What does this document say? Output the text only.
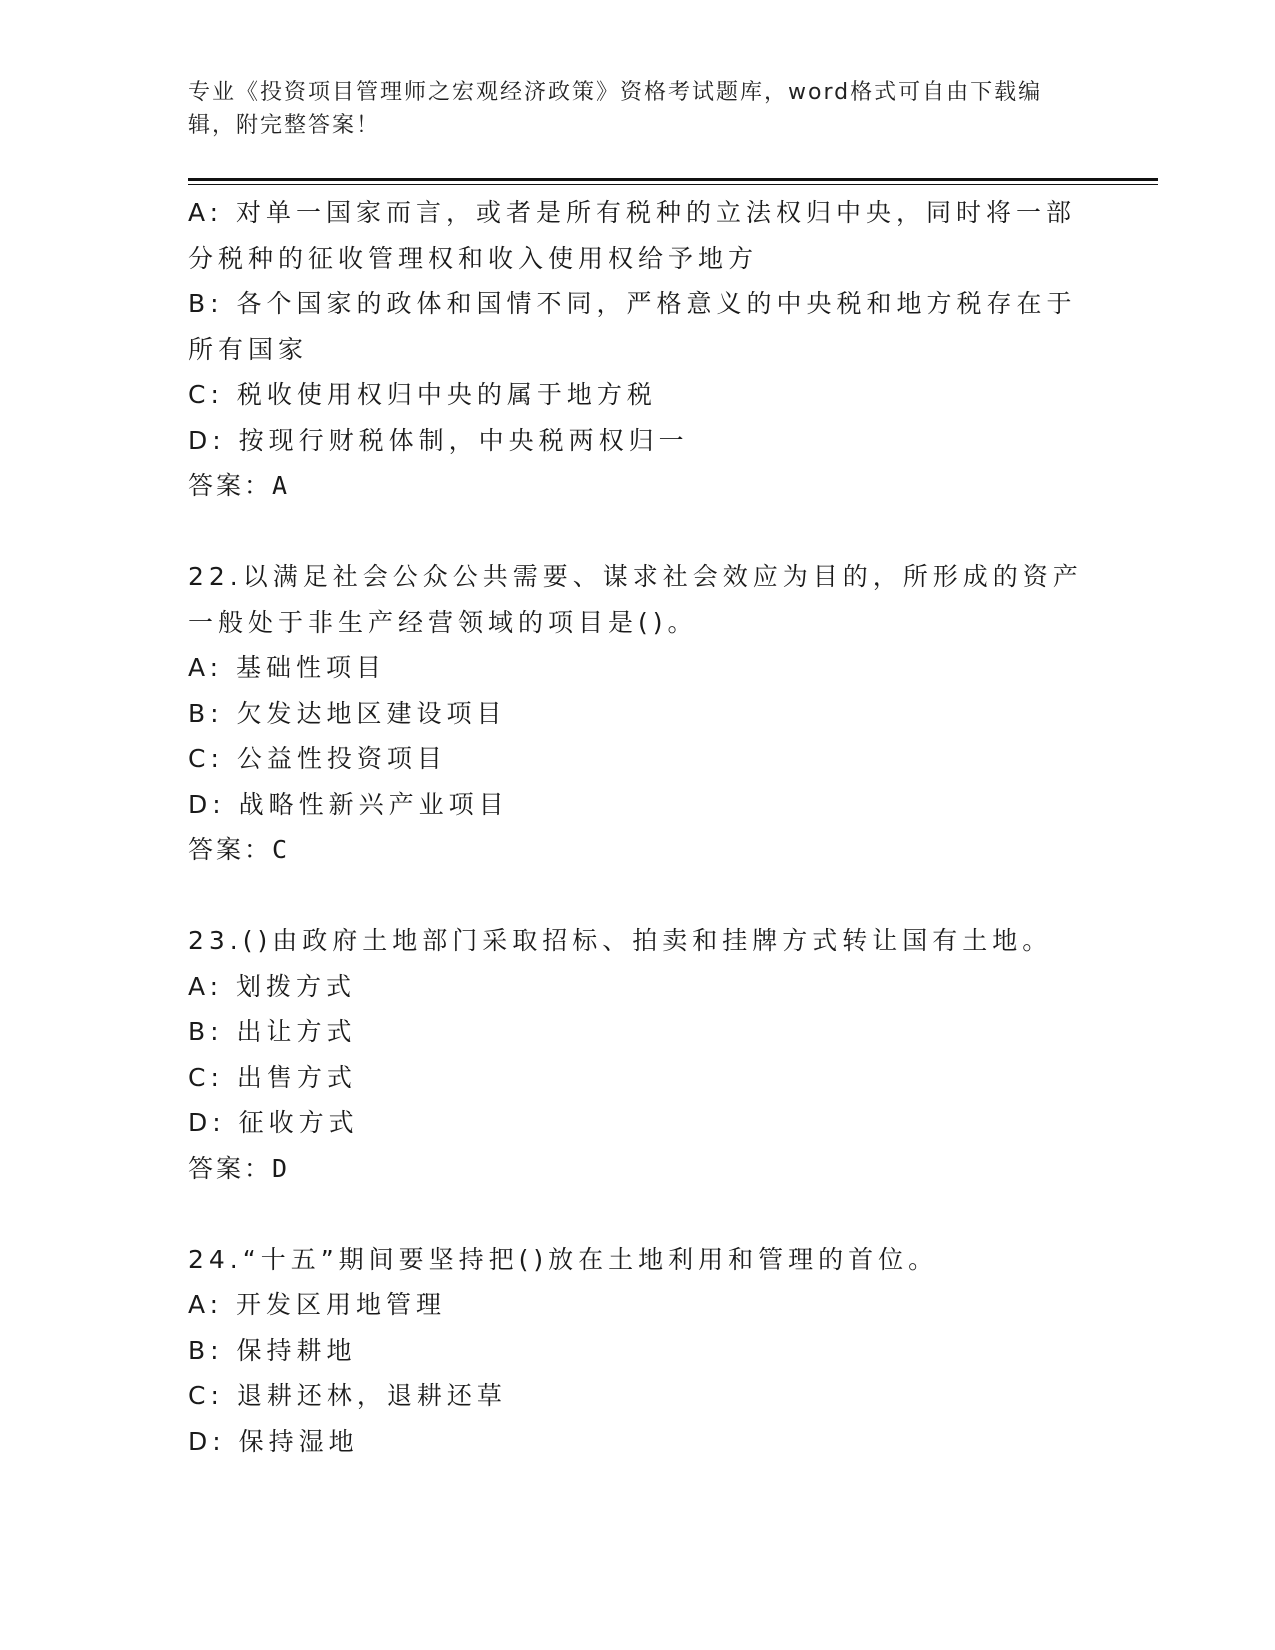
专业《投资项目管理师之宏观经济政策》资格考试题库，word格式可自由下载编辑，附完整答案！
A: 对单一国家而言，或者是所有税种的立法权归中央，同时将一部分税种的征收管理权和收入使用权给予地方
B: 各个国家的政体和国情不同，严格意义的中央税和地方税存在于所有国家
C: 税收使用权归中央的属于地方税
D: 按现行财税体制，中央税两权归一
答案：A
22.以满足社会公众公共需要、谋求社会效应为目的，所形成的资产一般处于非生产经营领域的项目是()。
A: 基础性项目
B: 欠发达地区建设项目
C: 公益性投资项目
D: 战略性新兴产业项目
答案：C
23.()由政府土地部门采取招标、拍卖和挂牌方式转让国有土地。
A: 划拨方式
B: 出让方式
C: 出售方式
D: 征收方式
答案：D
24.“十五”期间要坚持把()放在土地利用和管理的首位。
A: 开发区用地管理
B: 保持耕地
C: 退耕还林，退耕还草
D: 保持湿地
